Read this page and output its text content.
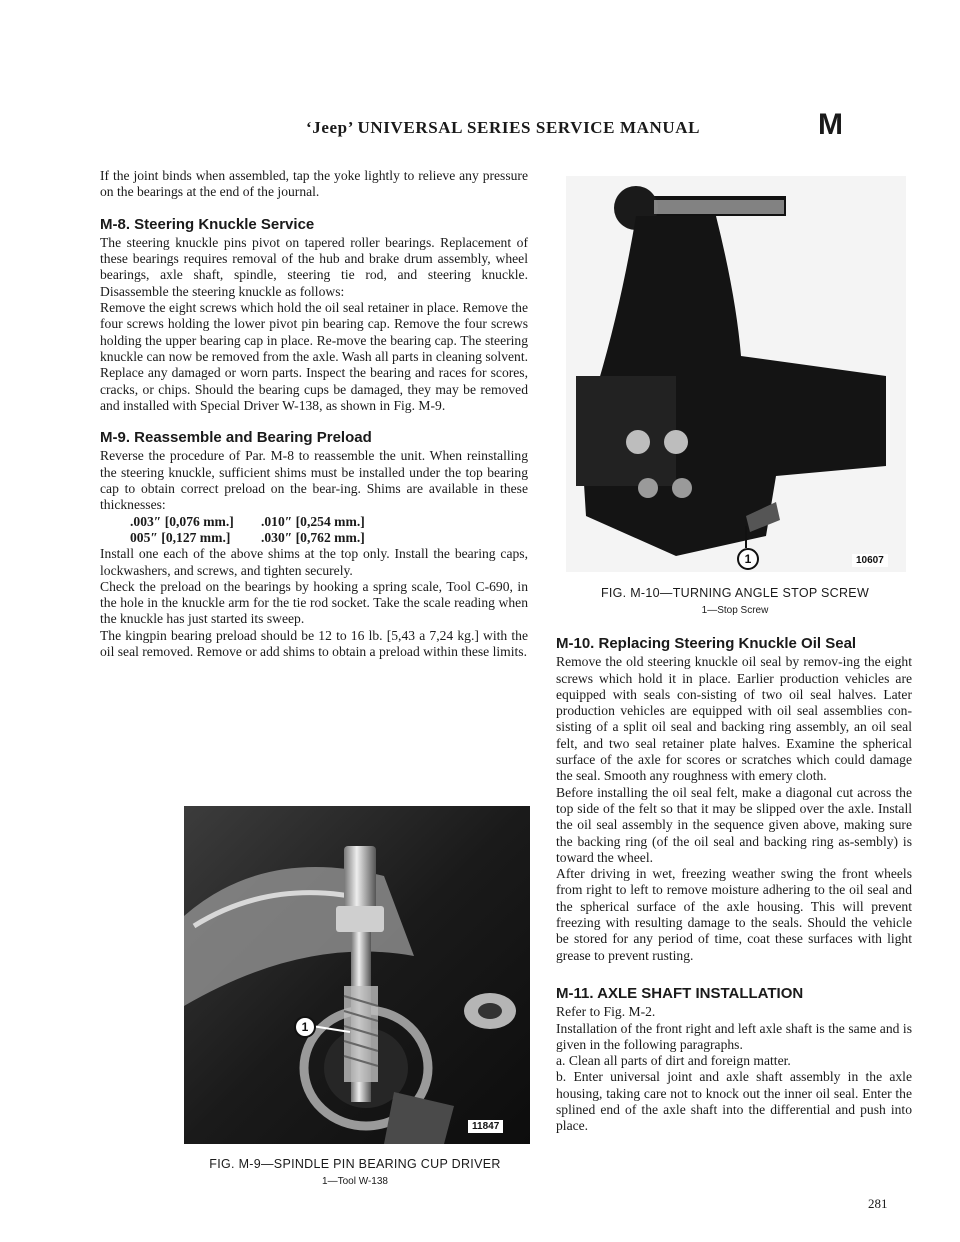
‘Jeep’ UNIVERSAL SERIES SERVICE MANUAL	M

If the joint binds when assembled, tap the yoke lightly to relieve any pressure on the bearings at the end of the journal.

M-8. Steering Knuckle Service

The steering knuckle pins pivot on tapered roller bearings. Replacement of these bearings requires removal of the hub and brake drum assembly, wheel bearings, axle shaft, spindle, steering tie rod, and steering knuckle. Disassemble the steering knuckle as follows:

Remove the eight screws which hold the oil seal retainer in place. Remove the four screws holding the lower pivot pin bearing cap. Remove the four screws holding the upper bearing cap in place. Re-move the bearing cap. The steering knuckle can now be removed from the axle. Wash all parts in cleaning solvent. Replace any damaged or worn parts. Inspect the bearing and races for scores, cracks, or chips. Should the bearing cups be damaged, they may be removed and installed with Special Driver W-138, as shown in Fig. M-9.

M-9. Reassemble and Bearing Preload

Reverse the procedure of Par. M-8 to reassemble the unit. When reinstalling the steering knuckle, sufficient shims must be installed under the top bearing cap to obtain correct preload on the bear-ing. Shims are available in these thicknesses:

.003″ [0,076 mm.]        .010″ [0,254 mm.]

005″ [0,127 mm.]         .030″ [0,762 mm.]

Install one each of the above shims at the top only. Install the bearing caps, lockwashers, and screws, and tighten securely.

Check the preload on the bearings by hooking a spring scale, Tool C-690, in the hole in the knuckle arm for the tie rod socket. Take the scale reading when the knuckle has just started its sweep.

The kingpin bearing preload should be 12 to 16 lb. [5,43 a 7,24 kg.] with the oil seal removed. Remove or add shims to obtain a preload within these limits.

1
11847
FIG. M-9—SPINDLE PIN BEARING CUP DRIVER
1—Tool W-138
1	10607
FIG. M-10—TURNING ANGLE STOP SCREW
1—Stop Screw
M-10. Replacing Steering Knuckle Oil Seal

Remove the old steering knuckle oil seal by remov-ing the eight screws which hold it in place. Earlier production vehicles are equipped with seals con-sisting of two oil seal halves. Later production vehicles are equipped with oil seal assemblies con-sisting of a split oil seal and backing ring assembly, an oil seal felt, and two seal retainer plate halves. Examine the spherical surface of the axle for scores or scratches which could damage the seal. Smooth any roughness with emery cloth.

Before installing the oil seal felt, make a diagonal cut across the top side of the felt so that it may be slipped over the axle. Install the oil seal assembly in the sequence given above, making sure the backing ring (of the oil seal and backing ring as-sembly) is toward the wheel.

After driving in wet, freezing weather swing the front wheels from right to left to remove moisture adhering to the oil seal and the spherical surface of the axle housing. This will prevent freezing with resulting damage to the seals. Should the vehicle be stored for any period of time, coat these surfaces with light grease to prevent rusting.

M-11. AXLE SHAFT INSTALLATION

Refer to Fig. M-2.

Installation of the front right and left axle shaft is the same and is given in the following paragraphs.

a. Clean all parts of dirt and foreign matter.

b. Enter universal joint and axle shaft assembly in the axle housing, taking care not to knock out the inner oil seal. Enter the splined end of the axle shaft into the differential and push into place.

281
